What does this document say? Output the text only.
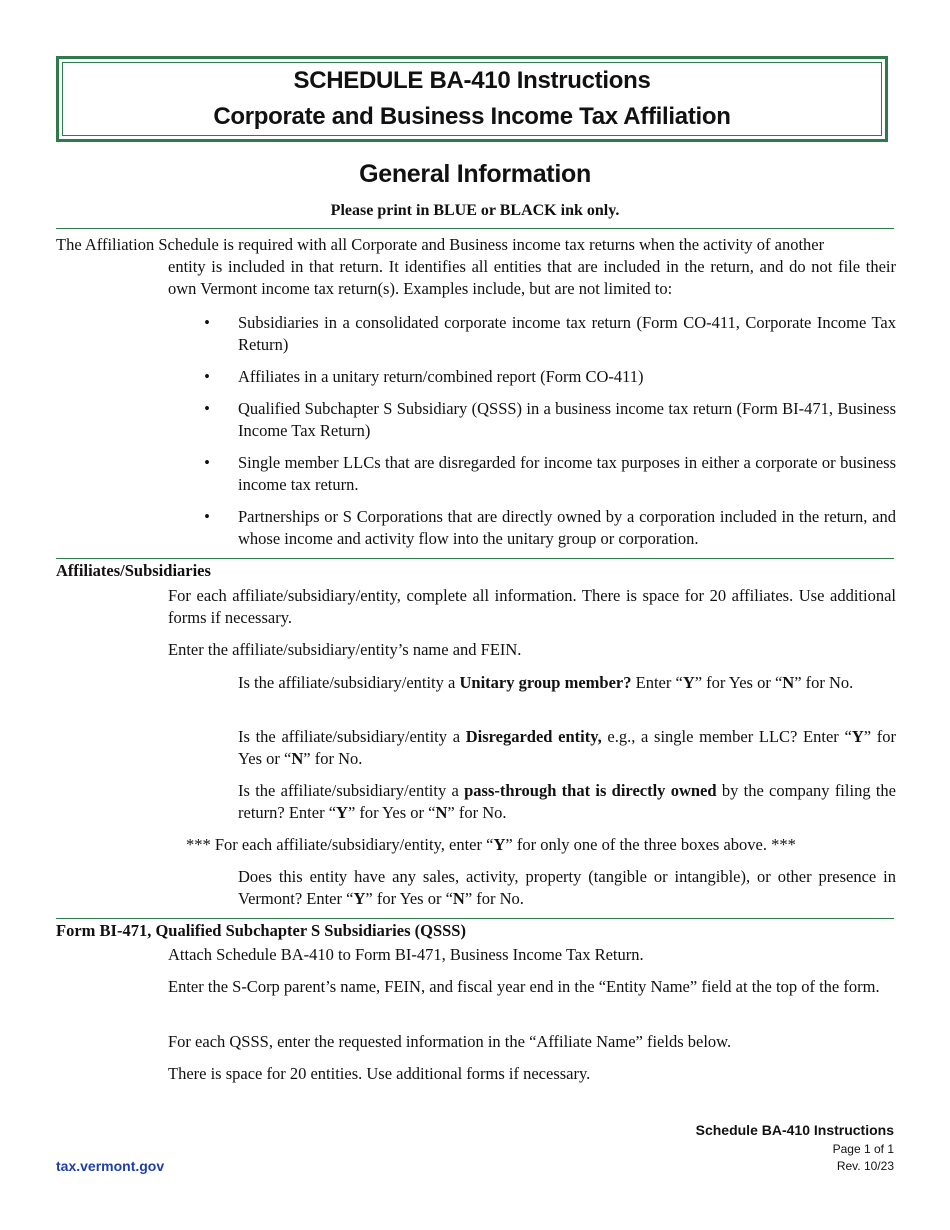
SCHEDULE BA-410 Instructions
Corporate and Business Income Tax Affiliation
General Information
Please print in BLUE or BLACK ink only.
The Affiliation Schedule is required with all Corporate and Business income tax returns when the activity of another
entity is included in that return. It identifies all entities that are included in the return, and do not file their own Vermont income tax return(s). Examples include, but are not limited to:
• Subsidiaries in a consolidated corporate income tax return (Form CO-411, Corporate Income Tax Return)
• Affiliates in a unitary return/combined report (Form CO-411)
• Qualified Subchapter S Subsidiary (QSSS) in a business income tax return (Form BI-471, Business Income Tax Return)
• Single member LLCs that are disregarded for income tax purposes in either a corporate or business income tax return.
• Partnerships or S Corporations that are directly owned by a corporation included in the return, and whose income and activity flow into the unitary group or corporation.
Affiliates/Subsidiaries
For each affiliate/subsidiary/entity, complete all information. There is space for 20 affiliates. Use additional forms if necessary.
Enter the affiliate/subsidiary/entity’s name and FEIN.
Is the affiliate/subsidiary/entity a Unitary group member? Enter “Y” for Yes or “N” for No.
Is the affiliate/subsidiary/entity a Disregarded entity, e.g., a single member LLC? Enter “Y” for Yes or “N” for No.
Is the affiliate/subsidiary/entity a pass-through that is directly owned by the company filing the return? Enter “Y” for Yes or “N” for No.
*** For each affiliate/subsidiary/entity, enter “Y” for only one of the three boxes above. ***
Does this entity have any sales, activity, property (tangible or intangible), or other presence in Vermont? Enter “Y” for Yes or “N” for No.
Form BI-471, Qualified Subchapter S Subsidiaries (QSSS)
Attach Schedule BA-410 to Form BI-471, Business Income Tax Return.
Enter the S-Corp parent’s name, FEIN, and fiscal year end in the “Entity Name” field at the top of the form.
For each QSSS, enter the requested information in the “Affiliate Name” fields below.
There is space for 20 entities. Use additional forms if necessary.
Schedule BA-410 Instructions
Page 1 of 1
Rev. 10/23
tax.vermont.gov
